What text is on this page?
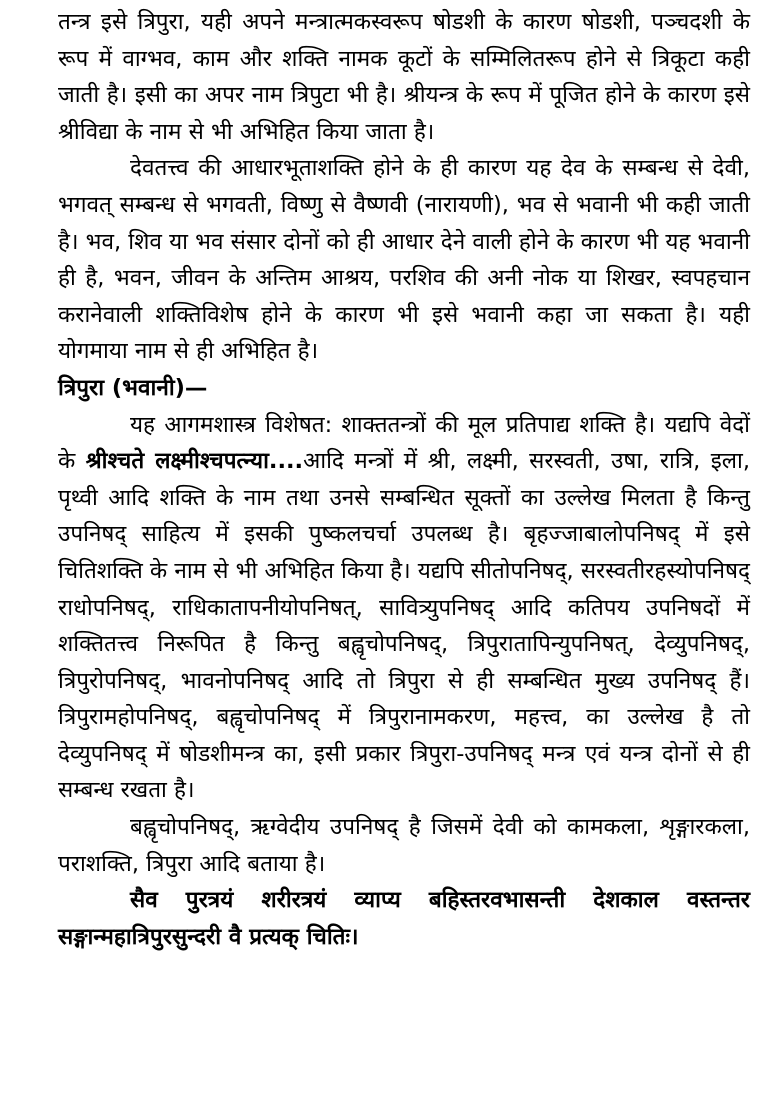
तन्त्र इसे त्रिपुरा, यही अपने मन्त्रात्मकस्वरूप षोडशी के कारण षोडशी, पञ्चदशी के रूप में वाग्भव, काम और शक्ति नामक कूटों के सम्मिलितरूप होने से त्रिकूटा कही जाती है। इसी का अपर नाम त्रिपुटा भी है। श्रीयन्त्र के रूप में पूजित होने के कारण इसे श्रीविद्या के नाम से भी अभिहित किया जाता है।

देवतत्त्व की आधारभूताशक्ति होने के ही कारण यह देव के सम्बन्ध से देवी, भगवत् सम्बन्ध से भगवती, विष्णु से वैष्णवी (नारायणी), भव से भवानी भी कही जाती है। भव, शिव या भव संसार दोनों को ही आधार देने वाली होने के कारण भी यह भवानी ही है, भवन, जीवन के अन्तिम आश्रय, परशिव की अनी नोक या शिखर, स्वपहचान करानेवाली शक्तिविशेष होने के कारण भी इसे भवानी कहा जा सकता है। यही योगमाया नाम से ही अभिहित है।

त्रिपुरा (भवानी)—

यह आगमशास्त्र विशेषत: शाक्ततन्त्रों की मूल प्रतिपाद्य शक्ति है। यद्यपि वेदों के श्रीश्चते लक्ष्मीश्चपत्न्या....आदि मन्त्रों में श्री, लक्ष्मी, सरस्वती, उषा, रात्रि, इला, पृथ्वी आदि शक्ति के नाम तथा उनसे सम्बन्धित सूक्तों का उल्लेख मिलता है किन्तु उपनिषद् साहित्य में इसकी पुष्कलचर्चा उपलब्ध है। बृहज्जाबालोपनिषद् में इसे चितिशक्ति के नाम से भी अभिहित किया है। यद्यपि सीतोपनिषद्, सरस्वतीरहस्योपनिषद् राधोपनिषद्, राधिकातापनीयोपनिषत्, सावित्र्युपनिषद् आदि कतिपय उपनिषदों में शक्तितत्त्व निरूपित है किन्तु बह्वृचोपनिषद्, त्रिपुरातापिन्युपनिषत्, देव्युपनिषद्, त्रिपुरोपनिषद्, भावनोपनिषद् आदि तो त्रिपुरा से ही सम्बन्धित मुख्य उपनिषद् हैं। त्रिपुरामहोपनिषद्, बह्वृचोपनिषद् में त्रिपुरानामकरण, महत्त्व, का उल्लेख है तो देव्युपनिषद् में षोडशीमन्त्र का, इसी प्रकार त्रिपुरा-उपनिषद् मन्त्र एवं यन्त्र दोनों से ही सम्बन्ध रखता है।

बह्वृचोपनिषद्, ऋग्वेदीय उपनिषद् है जिसमें देवी को कामकला, शृङ्गारकला, पराशक्ति, त्रिपुरा आदि बताया है।

सैव पुरत्रयं शरीरत्रयं व्याप्य बहिस्तरवभासन्ती देशकाल वस्तन्तर सङ्गान्महात्रिपुरसुन्दरी वै प्रत्यक् चितिः।
